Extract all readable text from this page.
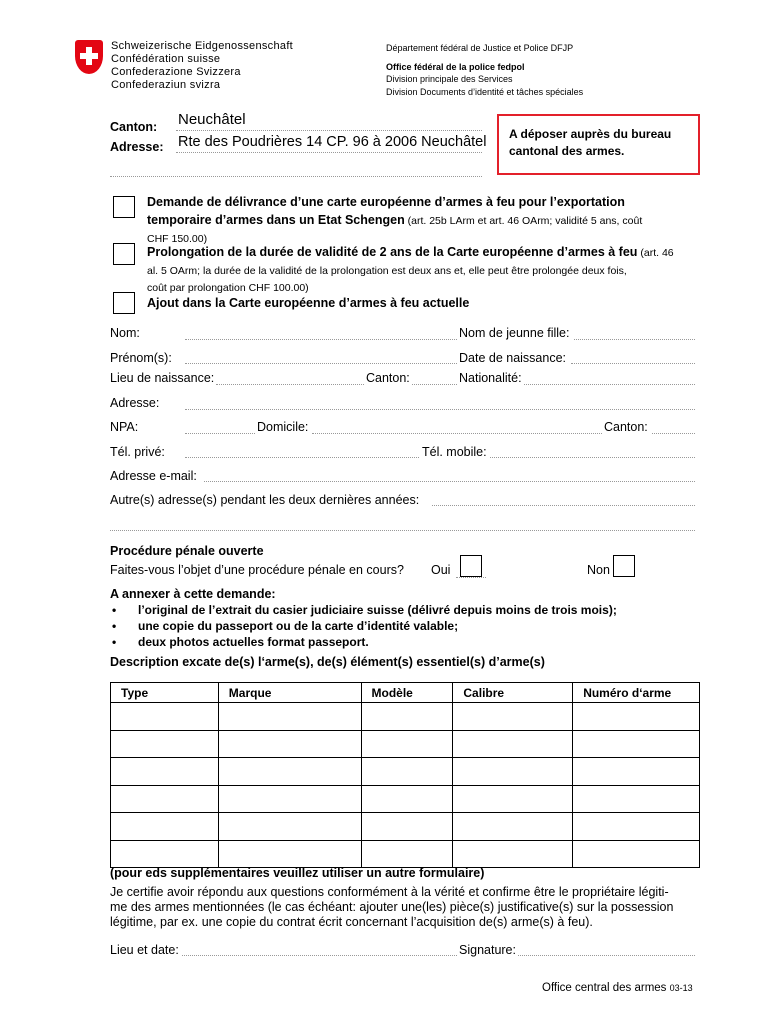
Schweizerische Eidgenossenschaft
Confédération suisse
Confederazione Svizzera
Confederaziun svizra
Département fédéral de Justice et Police DFJP
Office fédéral de la police fedpol
Division principale des Services
Division Documents d’identité et tâches spéciales
Canton: Neuchâtel
Adresse: Rte des Poudrières 14 CP. 96 à 2006 Neuchâtel A déposer auprès du bureau cantonal des armes.
Demande de délivrance d’une carte européenne d’armes à feu pour l’exportation
temporaire d’armes dans un Etat Schengen (art. 25b LArm et art. 46 OArm; validité 5 ans, coût
CHF 150.00)
Prolongation de la durée de validité de 2 ans de la Carte européenne d’armes à feu (art. 46
al. 5 OArm; la durée de la validité de la prolongation est deux ans et, elle peut être prolongée deux fois,
coût par prolongation CHF 100.00)
Ajout dans la Carte européenne d’armes à feu actuelle
Nom:	Nom de jeunne fille:
Prénom(s):	Date de naissance:
Lieu de naissance:	Canton:	Nationalité:
Adresse:
NPA:	Domicile:	Canton:
Tél. privé:	Tél. mobile:
Adresse e-mail:
Autre(s) adresse(s) pendant les deux dernières années:
Procédure pénale ouverte
Faites-vous l’objet d’une procédure pénale en cours? Oui	Non
A annexer à cette demande:
• l’original de l’extrait du casier judiciaire suisse (délivré depuis moins de trois mois);
• une copie du passeport ou de la carte d’identité valable;
• deux photos actuelles format passeport.
Description excate de(s) l‘arme(s), de(s) élément(s) essentiel(s) d’arme(s)
Type	Marque	Modèle	Calibre	Numéro d‘arme

(pour eds supplémentaires veuillez utiliser un autre formulaire)
Je certifie avoir répondu aux questions conformément à la vérité et confirme être le propriétaire légiti-
me des armes mentionnées (le cas échéant: ajouter une(les) pièce(s) justificative(s) sur la possession
légitime, par ex. une copie du contrat écrit concernant l’acquisition de(s) arme(s) à feu).
Lieu et date:	Signature:
Office central des armes 03-13
